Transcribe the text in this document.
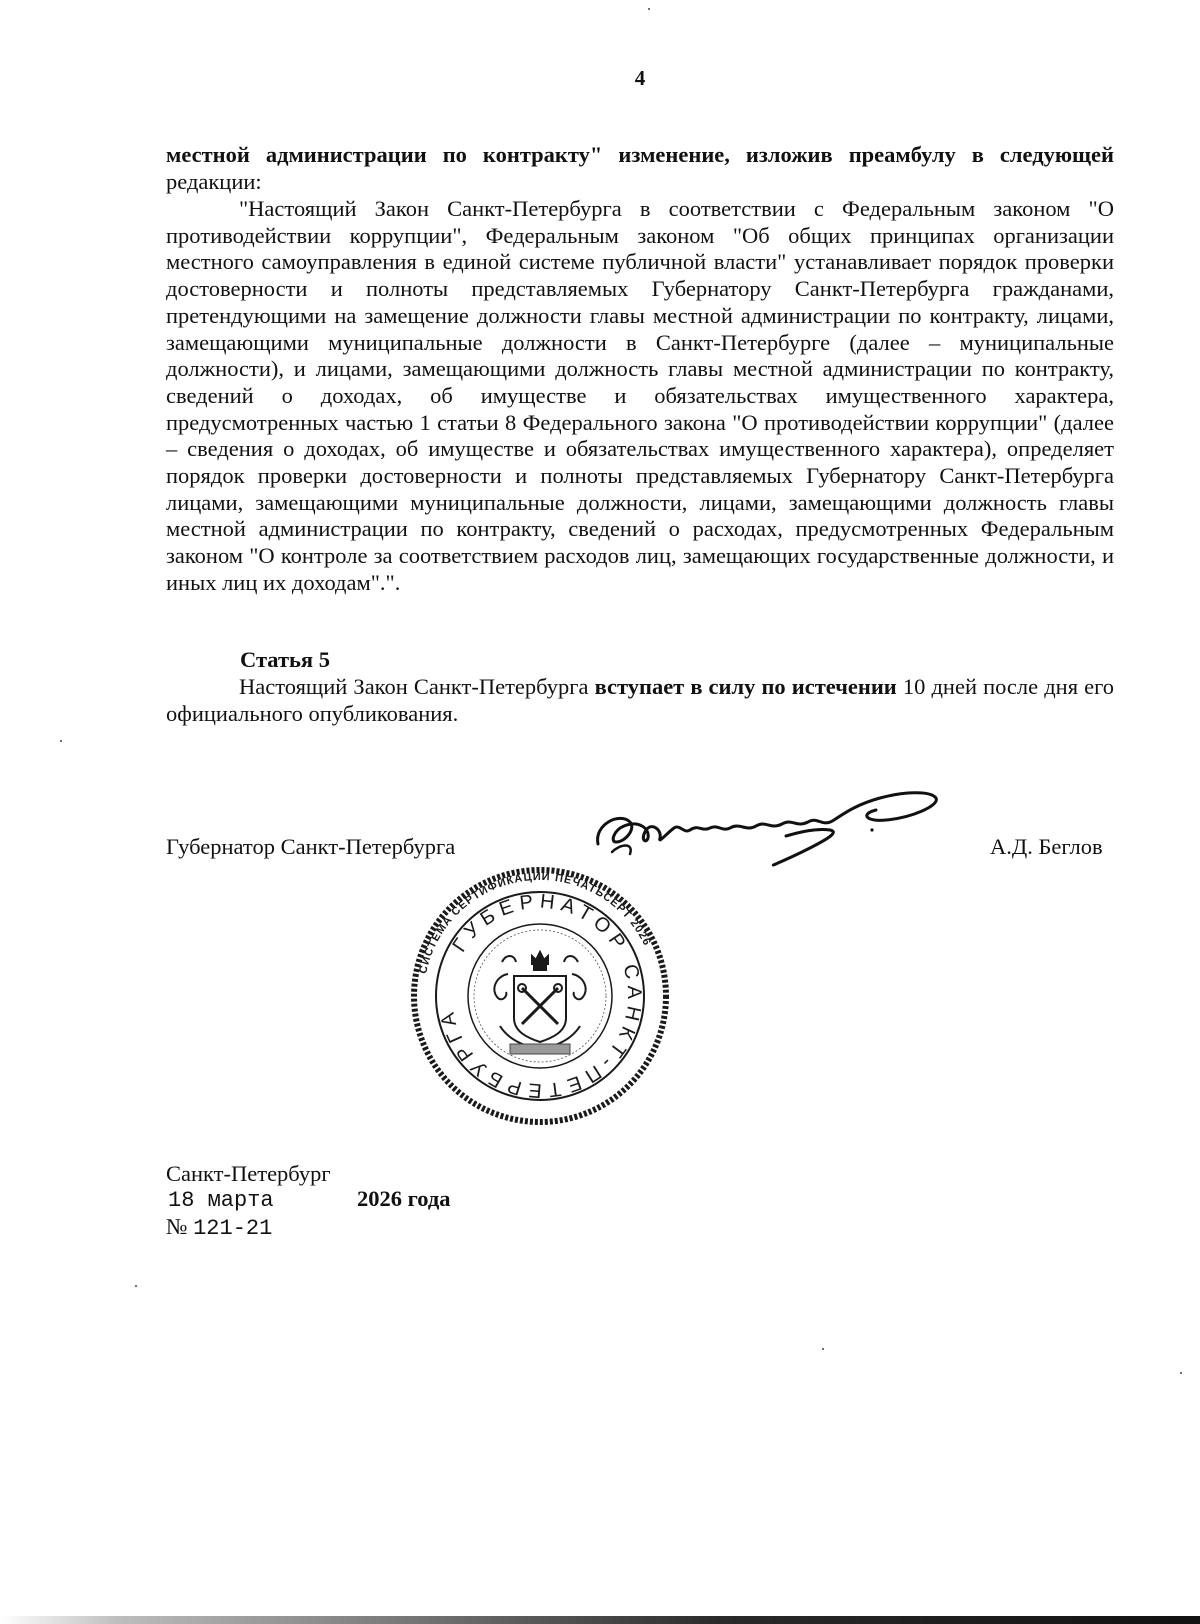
4
местной администрации по контракту" изменение, изложив преамбулу в следующей редакции:
"Настоящий Закон Санкт-Петербурга в соответствии с Федеральным законом "О противодействии коррупции", Федеральным законом "Об общих принципах организации местного самоуправления в единой системе публичной власти" устанавливает порядок проверки достоверности и полноты представляемых Губернатору Санкт-Петербурга гражданами, претендующими на замещение должности главы местной администрации по контракту, лицами, замещающими муниципальные должности в Санкт-Петербурге (далее – муниципальные должности), и лицами, замещающими должность главы местной администрации по контракту, сведений о доходах, об имуществе и обязательствах имущественного характера, предусмотренных частью 1 статьи 8 Федерального закона "О противодействии коррупции" (далее – сведения о доходах, об имуществе и обязательствах имущественного характера), определяет порядок проверки достоверности и полноты представляемых Губернатору Санкт-Петербурга лицами, замещающими муниципальные должности, лицами, замещающими должность главы местной администрации по контракту, сведений о расходах, предусмотренных Федеральным законом "О контроле за соответствием расходов лиц, замещающих государственные должности, и иных лиц их доходам".".
Статья 5
Настоящий Закон Санкт-Петербурга вступает в силу по истечении 10 дней после дня его официального опубликования.
Губернатор Санкт-Петербурга	А.Д. Беглов
СИСТЕМА СЕРТИФИКАЦИИ ПЕЧАТЬСЕРТ 2026
ГУБЕРНАТОР САНКТ-ПЕТЕРБУРГА
Санкт-Петербург
18 марта	2026 года
№ 121-21
